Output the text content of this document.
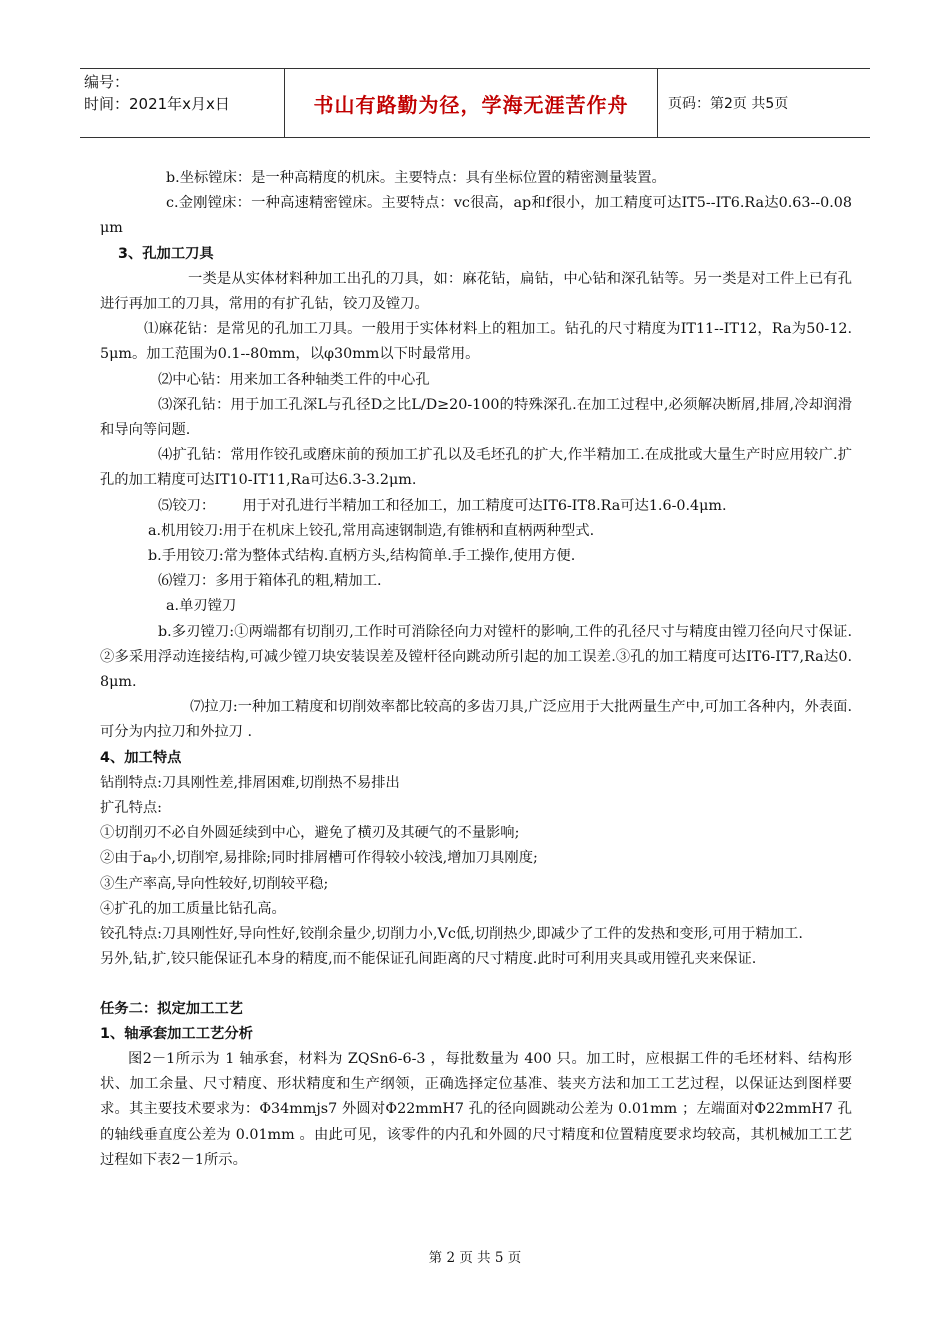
编号：
时间：2021年x月x日	书山有路勤为径，学海无涯苦作舟	页码：第2页 共5页

b.坐标镗床：是一种高精度的机床。主要特点：具有坐标位置的精密测量装置。

c.金刚镗床：一种高速精密镗床。主要特点：vc很高，ap和f很小，加工精度可达IT5--IT6.Ra达0.63--0.08μm

3、孔加工刀具

一类是从实体材料种加工出孔的刀具，如：麻花钻，扁钻，中心钻和深孔钻等。另一类是对工件上已有孔进行再加工的刀具，常用的有扩孔钻，铰刀及镗刀。

⑴麻花钻：是常见的孔加工刀具。一般用于实体材料上的粗加工。钻孔的尺寸精度为IT11--IT12，Ra为50-12.5μm。加工范围为0.1--80mm，以φ30mm以下时最常用。

⑵中心钻：用来加工各种轴类工件的中心孔

⑶深孔钻：用于加工孔深L与孔径D之比L/D≥20-100的特殊深孔.在加工过程中,必须解决断屑,排屑,冷却润滑和导向等问题.

⑷扩孔钻：常用作铰孔或磨床前的预加工扩孔以及毛坯孔的扩大,作半精加工.在成批或大量生产时应用较广.扩孔的加工精度可达IT10-IT11,Ra可达6.3-3.2μm.

⑸铰刀：      用于对孔进行半精加工和径加工，加工精度可达IT6-IT8.Ra可达1.6-0.4μm.

a.机用铰刀:用于在机床上铰孔,常用高速钢制造,有锥柄和直柄两种型式.

b.手用铰刀:常为整体式结构.直柄方头,结构简单.手工操作,使用方便.

⑹镗刀：多用于箱体孔的粗,精加工.

a.单刃镗刀

b.多刃镗刀:①两端都有切削刃,工作时可消除径向力对镗杆的影响,工件的孔径尺寸与精度由镗刀径向尺寸保证.②多采用浮动连接结构,可减少镗刀块安装误差及镗杆径向跳动所引起的加工误差.③孔的加工精度可达IT6-IT7,Ra达0.8μm.

⑺拉刀:一种加工精度和切削效率都比较高的多齿刀具,广泛应用于大批两量生产中,可加工各种内，外表面.可分为内拉刀和外拉刀 .

4、加工特点

钻削特点:刀具刚性差,排屑困难,切削热不易排出

扩孔特点:

①切削刃不必自外圆延续到中心，避免了横刃及其硬气的不量影响;

②由于aₚ小,切削窄,易排除;同时排屑槽可作得较小较浅,增加刀具刚度;

③生产率高,导向性较好,切削较平稳;

④扩孔的加工质量比钻孔高。

铰孔特点:刀具刚性好,导向性好,铰削余量少,切削力小,Vc低,切削热少,即减少了工件的发热和变形,可用于精加工.

另外,钻,扩,铰只能保证孔本身的精度,而不能保证孔间距离的尺寸精度.此时可利用夹具或用镗孔夹来保证.

任务二：拟定加工工艺

1、轴承套加工工艺分析

图2－1所示为 1 轴承套，材料为 ZQSn6-6-3 ，每批数量为 400 只。加工时，应根据工件的毛坯材料、结构形状、加工余量、尺寸精度、形状精度和生产纲领，正确选择定位基准、装夹方法和加工工艺过程，以保证达到图样要求。其主要技术要求为：Φ34mmjs7 外圆对Φ22mmH7 孔的径向圆跳动公差为 0.01mm ；左端面对Φ22mmH7 孔的轴线垂直度公差为 0.01mm 。由此可见，该零件的内孔和外圆的尺寸精度和位置精度要求均较高，其机械加工工艺过程如下表2－1所示。

第 2 页 共 5 页
